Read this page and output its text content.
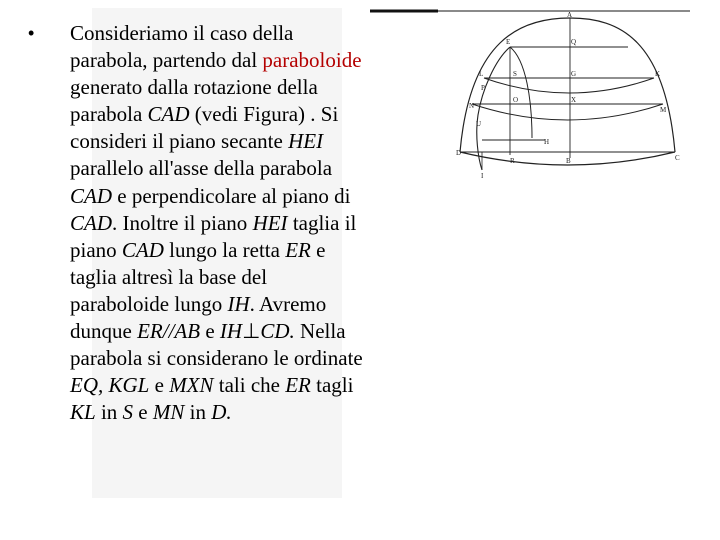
• Consideriamo il caso della parabola, partendo dal paraboloide generato dalla rotazione della parabola CAD (vedi Figura) . Si consideri il piano secante HEI parallelo all'asse della parabola CAD e perpendicolare al piano di CAD. Inoltre il piano HEI taglia il piano CAD lungo la retta ER e taglia altresì la base del paraboloide lungo IH. Avremo dunque ER//AB e IH⊥CD. Nella parabola si considerano le ordinate EQ, KGL e MXN tali che ER tagli KL in S e MN in D.

A
E	Q
L	S	G	K
P
N
O	X
M
U
H
D
I
R	B	C
